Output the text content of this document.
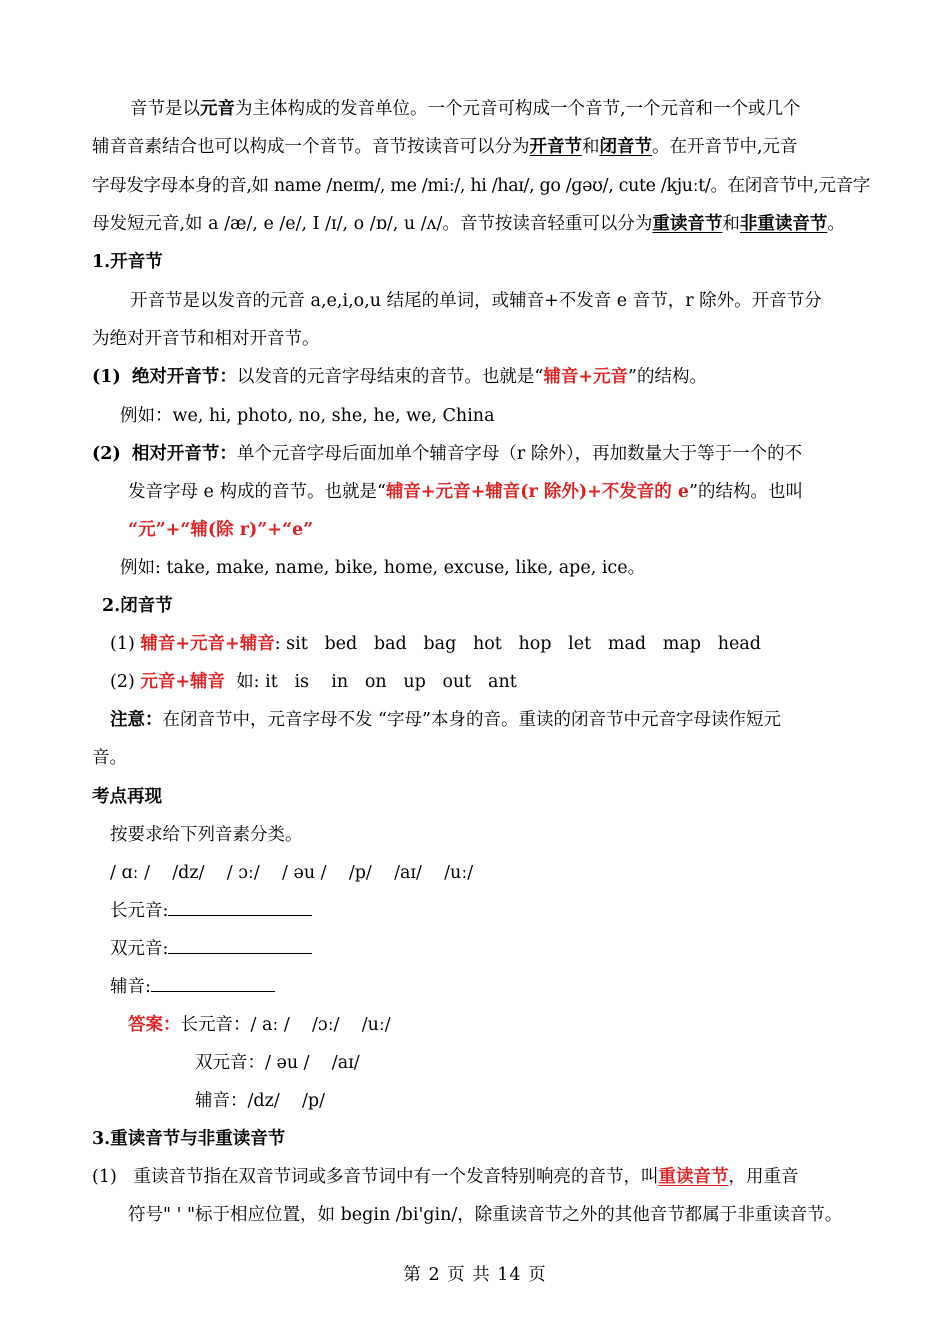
音节是以元音为主体构成的发音单位。一个元音可构成一个音节,一个元音和一个或几个
辅音音素结合也可以构成一个音节。音节按读音可以分为开音节和闭音节。在开音节中,元音
字母发字母本身的音,如 name /neɪm/, me /miː/, hi /haɪ/, go /ɡəʊ/, cute /kjuːt/。在闭音节中,元音字
母发短元音,如 a /æ/, e /e/, I /ɪ/, o /ɒ/, u /ʌ/。音节按读音轻重可以分为重读音节和非重读音节。
1.开音节
开音节是以发音的元音 a,e,i,o,u 结尾的单词，或辅音+不发音 e 音节，r 除外。开音节分
为绝对开音节和相对开音节。
(1) 绝对开音节：以发音的元音字母结束的音节。也就是“辅音+元音”的结构。
例如：we, hi, photo, no, she, he, we, China
(2) 相对开音节：单个元音字母后面加单个辅音字母（r 除外），再加数量大于等于一个的不
发音字母 e 构成的音节。也就是“辅音+元音+辅音(r 除外)+不发音的 e”的结构。也叫
“元”+“辅(除 r)”+“e”
例如: take, make, name, bike, home, excuse, like, ape, ice。
2.闭音节
(1) 辅音+元音+辅音: sit   bed   bad   bag   hot   hop   let   mad   map   head
(2) 元音+辅音  如: it   is    in   on   up   out   ant
注意：在闭音节中，元音字母不发 “字母”本身的音。重读的闭音节中元音字母读作短元
音。
考点再现
按要求给下列音素分类。
/ ɑː /    /dz/    / ɔː/    / əu /    /p/    /aɪ/    /uː/
长元音:
双元音:
辅音:
答案：长元音：/ aː /    /ɔː/    /uː/
双元音：/ əu /    /aɪ/
辅音：/dz/    /p/
3.重读音节与非重读音节
(1) 重读音节指在双音节词或多音节词中有一个发音特别响亮的音节，叫重读音节，用重音
符号" ' "标于相应位置，如 begin /bi'gin/，除重读音节之外的其他音节都属于非重读音节。
第 2 页 共 14 页
